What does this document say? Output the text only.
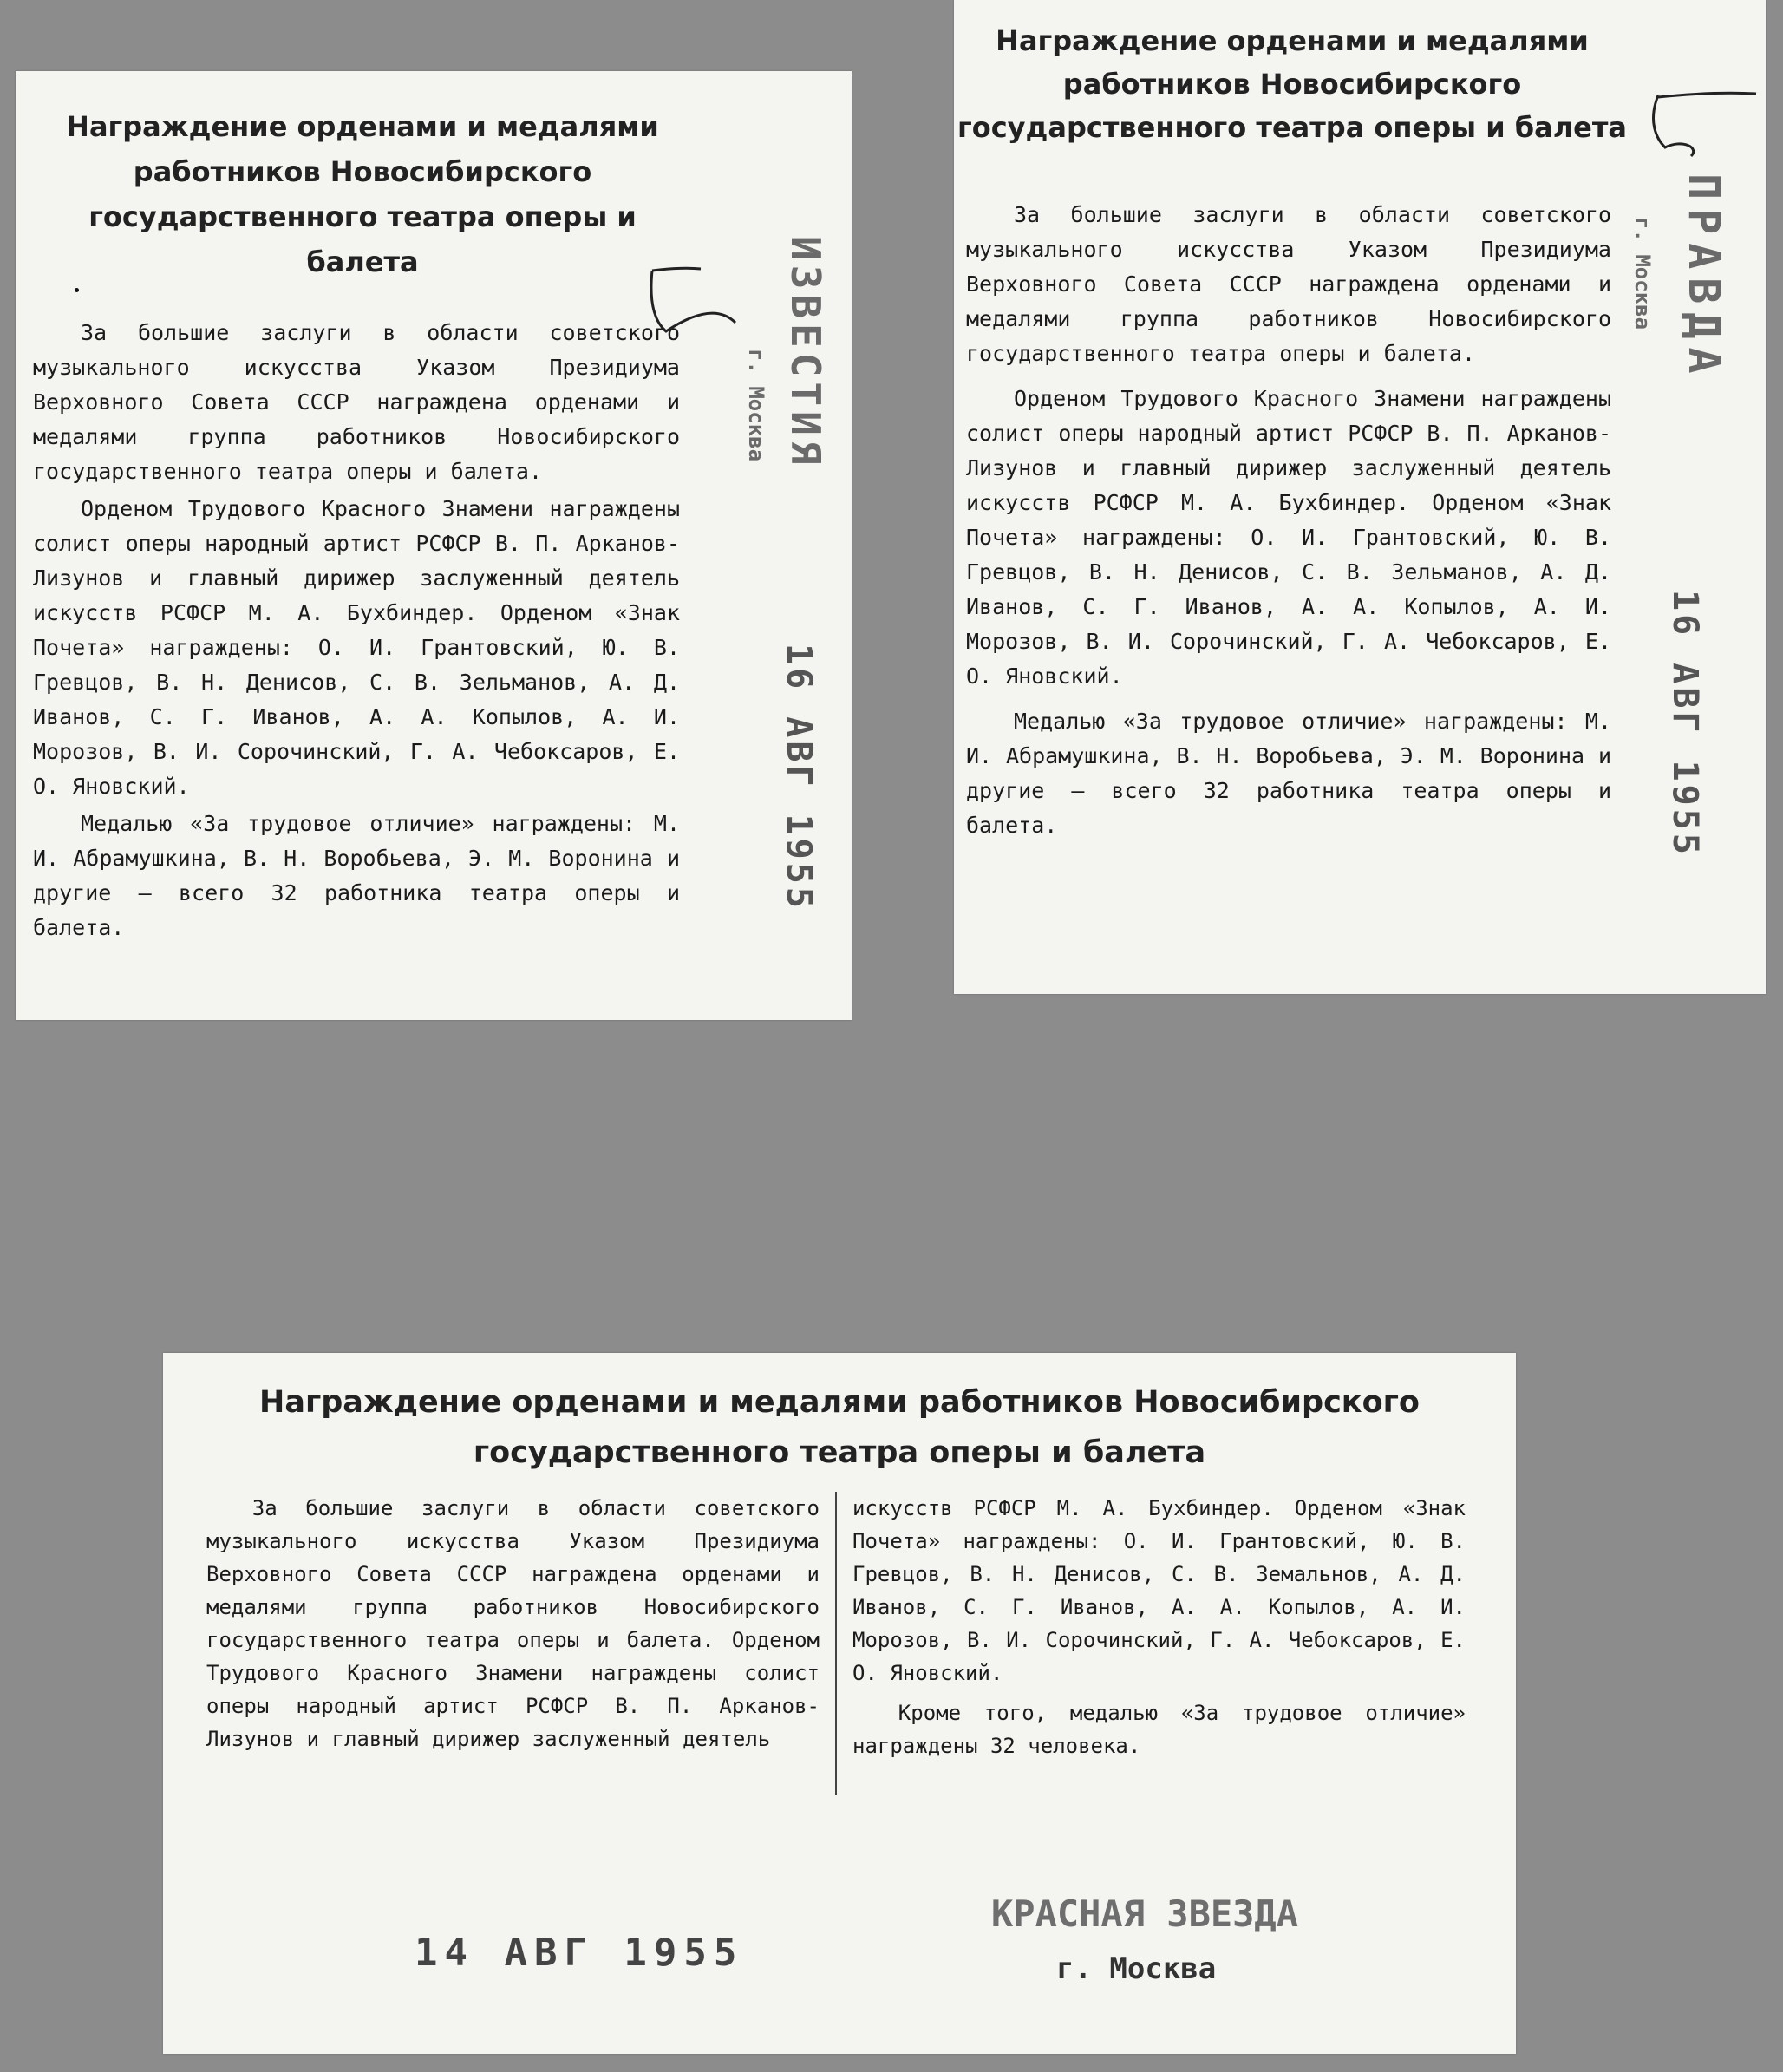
Награждение орденами и медалями работников Новосибирского государственного театра оперы и балета

За большие заслуги в области советского музыкального искусства Указом Президиума Верховного Совета СССР награждена орденами и медалями группа работников Новосибирского государственного театра оперы и балета.

Орденом Трудового Красного Знамени награждены солист оперы народный артист РСФСР В. П. Арканов-Лизунов и главный дирижер заслуженный деятель искусств РСФСР М. А. Бухбиндер. Орденом «Знак Почета» награждены: О. И. Грантовский, Ю. В. Гревцов, В. Н. Денисов, С. В. Зельманов, А. Д. Иванов, С. Г. Иванов, А. А. Копылов, А. И. Морозов, В. И. Сорочинский, Г. А. Чебоксаров, Е. О. Яновский.

Медалью «За трудовое отличие» награждены: М. И. Абрамушкина, В. Н. Воробьева, Э. М. Воронина и другие — всего 32 работника театра оперы и балета.

ИЗВЕСТИЯ
г. Москва
16 АВГ 1955
Награждение орденами и медалями работников Новосибирского государственного театра оперы и балета

За большие заслуги в области советского музыкального искусства Указом Президиума Верховного Совета СССР награждена орденами и медалями группа работников Новосибирского государственного театра оперы и балета.

Орденом Трудового Красного Знамени награждены солист оперы народный артист РСФСР В. П. Арканов-Лизунов и главный дирижер заслуженный деятель искусств РСФСР М. А. Бухбиндер. Орденом «Знак Почета» награждены: О. И. Грантовский, Ю. В. Гревцов, В. Н. Денисов, С. В. Зельманов, А. Д. Иванов, С. Г. Иванов, А. А. Копылов, А. И. Морозов, В. И. Сорочинский, Г. А. Чебоксаров, Е. О. Яновский.

Медалью «За трудовое отличие» награждены: М. И. Абрамушкина, В. Н. Воробьева, Э. М. Воронина и другие — всего 32 работника театра оперы и балета.

ПРАВДА
г. Москва
16 АВГ 1955
Награждение орденами и медалями работников Новосибирского государственного театра оперы и балета

За большие заслуги в области советского музыкального искусства Указом Президиума Верховного Совета СССР награждена орденами и медалями группа работников Новосибирского государственного театра оперы и балета. Орденом Трудового Красного Знамени награждены солист оперы народный артист РСФСР В. П. Арканов-Лизунов и главный дирижер заслуженный деятель

искусств РСФСР М. А. Бухбиндер. Орденом «Знак Почета» награждены: О. И. Грантовский, Ю. В. Гревцов, В. Н. Денисов, С. В. Земальнов, А. Д. Иванов, С. Г. Иванов, А. А. Копылов, А. И. Морозов, В. И. Сорочинский, Г. А. Чебоксаров, Е. О. Яновский.

Кроме того, медалью «За трудовое отличие» награждены 32 человека.

14 АВГ 1955
КРАСНАЯ ЗВЕЗДА
г. Москва
